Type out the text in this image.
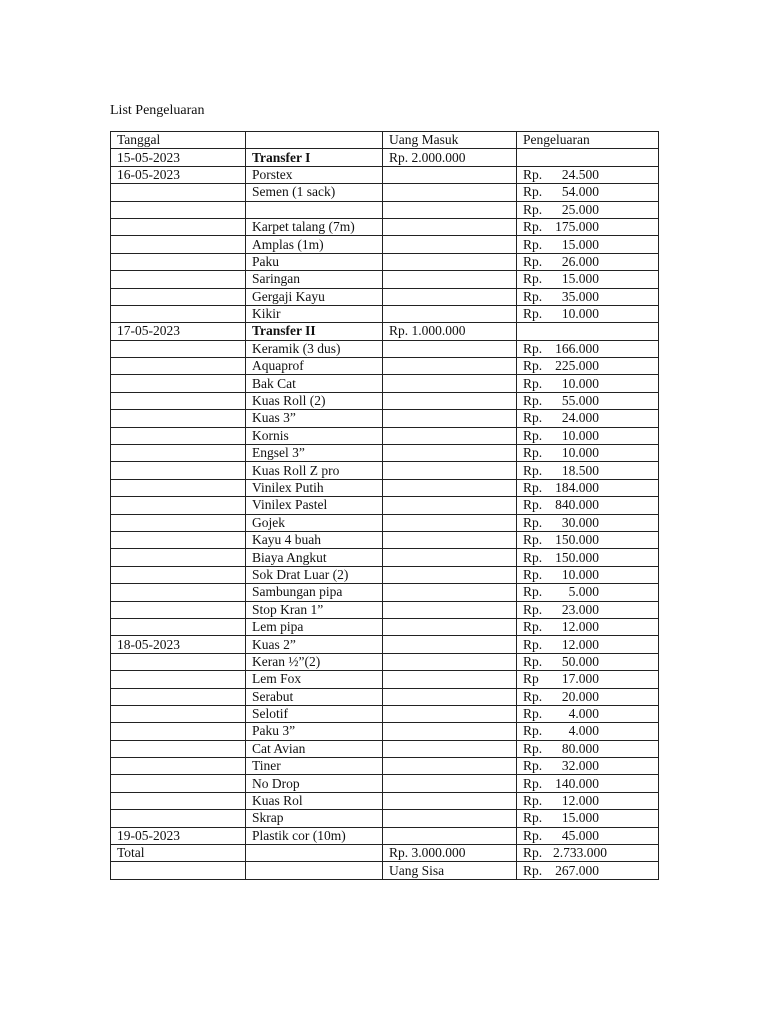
List Pengeluaran
Tanggal		Uang Masuk	Pengeluaran
15-05-2023	Transfer I	Rp. 2.000.000	
16-05-2023	Porstex		Rp. 24.500
	Semen (1 sack)		Rp. 54.000
			Rp. 25.000
	Karpet talang (7m)		Rp. 175.000
	Amplas (1m)		Rp. 15.000
	Paku		Rp. 26.000
	Saringan		Rp. 15.000
	Gergaji Kayu		Rp. 35.000
	Kikir		Rp. 10.000
17-05-2023	Transfer II	Rp. 1.000.000	
	Keramik (3 dus)		Rp. 166.000
	Aquaprof		Rp. 225.000
	Bak Cat		Rp. 10.000
	Kuas Roll (2)		Rp. 55.000
	Kuas 3”		Rp. 24.000
	Kornis		Rp. 10.000
	Engsel 3”		Rp. 10.000
	Kuas Roll Z pro		Rp. 18.500
	Vinilex Putih		Rp. 184.000
	Vinilex Pastel		Rp. 840.000
	Gojek		Rp. 30.000
	Kayu 4 buah		Rp. 150.000
	Biaya Angkut		Rp. 150.000
	Sok Drat Luar (2)		Rp. 10.000
	Sambungan pipa		Rp. 5.000
	Stop Kran 1”		Rp. 23.000
	Lem pipa		Rp. 12.000
18-05-2023	Kuas 2”		Rp. 12.000
	Keran ½”(2)		Rp. 50.000
	Lem Fox		Rp 17.000
	Serabut		Rp. 20.000
	Selotif		Rp. 4.000
	Paku 3”		Rp. 4.000
	Cat Avian		Rp. 80.000
	Tiner		Rp. 32.000
	No Drop		Rp. 140.000
	Kuas Rol		Rp. 12.000
	Skrap		Rp. 15.000
19-05-2023	Plastik cor (10m)		Rp. 45.000
Total		Rp. 3.000.000	Rp. 2.733.000
		Uang Sisa	Rp. 267.000
